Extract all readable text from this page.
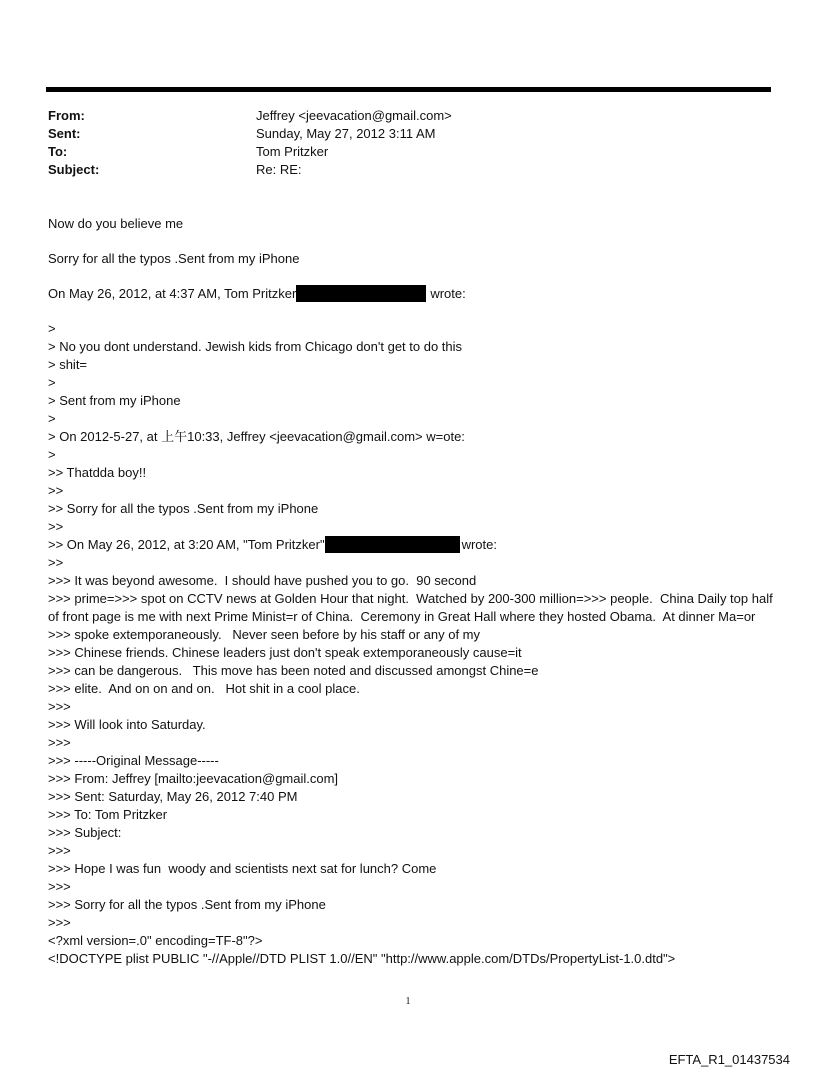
From:	Jeffrey <jeevacation@gmail.com>
Sent:	Sunday, May 27, 2012 3:11 AM
To:	Tom Pritzker
Subject:	Re: RE:
Now do you believe me
Sorry for all the typos .Sent from my iPhone
On May 26, 2012, at 4:37 AM, Tom Pritzker	wrote:
>
> No you dont understand. Jewish kids from Chicago don't get to do this
> shit=
>
> Sent from my iPhone
>
> On 2012-5-27, at 上午10:33, Jeffrey <jeevacation@gmail.com> w=ote:
>
>> Thatdda boy!!
>>
>> Sorry for all the typos .Sent from my iPhone
>>
>> On May 26, 2012, at 3:20 AM, "Tom Pritzker"	wrote:
>>
>>> It was beyond awesome.  I should have pushed you to go.  90 second
>>> prime=>>> spot on CCTV news at Golden Hour that night.  Watched by 200-300 million=>>> people.  China Daily top half of front page is me with next Prime Minist=r of China.  Ceremony in Great Hall where they hosted Obama.  At dinner Ma=or
>>> spoke extemporaneously.   Never seen before by his staff or any of my
>>> Chinese friends. Chinese leaders just don't speak extemporaneously cause=it
>>> can be dangerous.   This move has been noted and discussed amongst Chine=e
>>> elite.  And on on and on.   Hot shit in a cool place.
>>>
>>> Will look into Saturday.
>>>
>>> -----Original Message-----
>>> From: Jeffrey [mailto:jeevacation@gmail.com]
>>> Sent: Saturday, May 26, 2012 7:40 PM
>>> To: Tom Pritzker
>>> Subject:
>>>
>>> Hope I was fun  woody and scientists next sat for lunch? Come
>>>
>>> Sorry for all the typos .Sent from my iPhone
>>>
<?xml version=.0" encoding=TF-8"?>
<!DOCTYPE plist PUBLIC "-//Apple//DTD PLIST 1.0//EN" "http://www.apple.com/DTDs/PropertyList-1.0.dtd">
1
EFTA_R1_01437534
